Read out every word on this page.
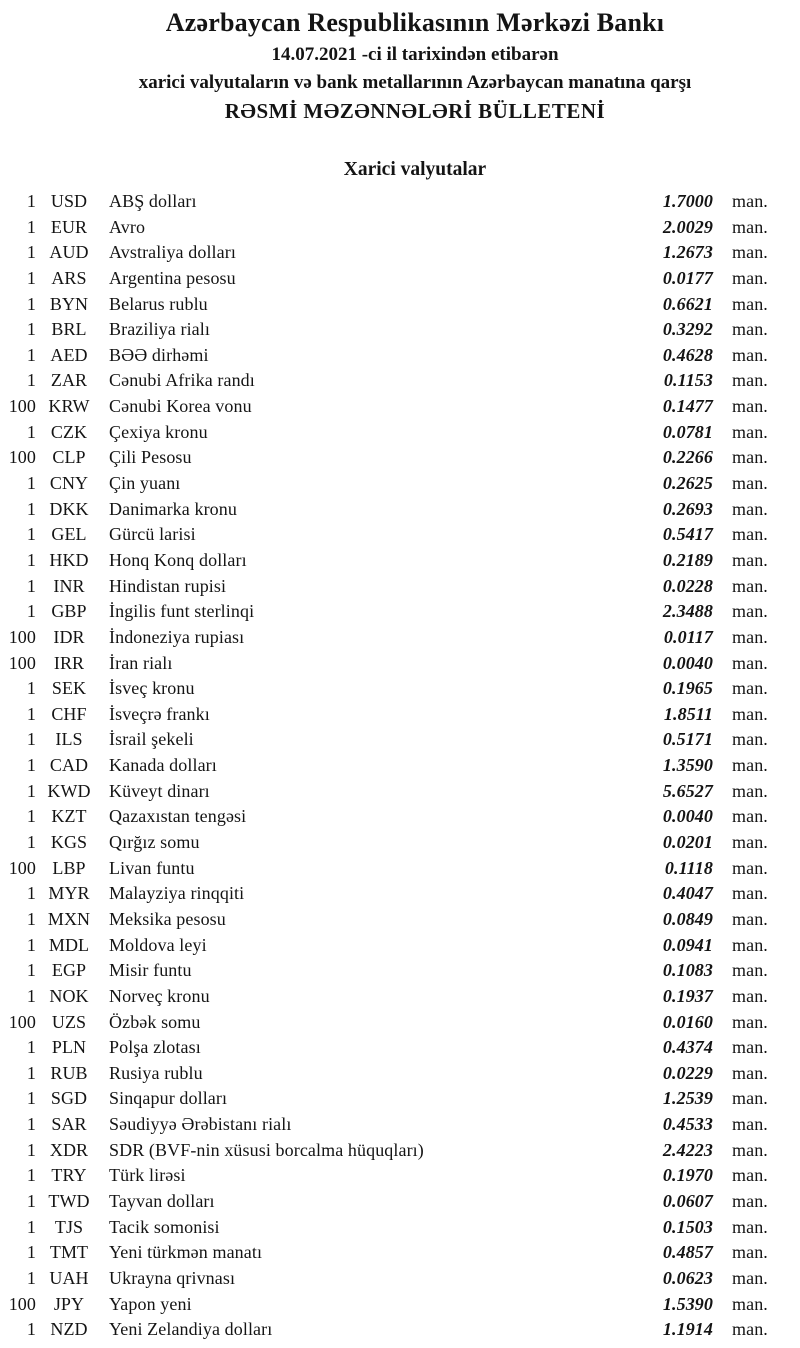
Azərbaycan Respublikasının Mərkəzi Bankı
14.07.2021 -ci il tarixindən etibarən
xarici valyutaların və bank metallarının Azərbaycan manatına qarşı
RƏSMİ MƏZƏNNƏLƏRİ BÜLLETENİ
Xarici valyutalar
1 USD	ABŞ dolları	1.7000	man.
1 EUR	Avro	2.0029	man.
1 AUD	Avstraliya dolları	1.2673	man.
1 ARS	Argentina pesosu	0.0177	man.
1 BYN	Belarus rublu	0.6621	man.
1 BRL	Braziliya rialı	0.3292	man.
1 AED	BƏƏ dirhəmi	0.4628	man.
1 ZAR	Cənubi Afrika randı	0.1153	man.
100 KRW	Cənubi Korea vonu	0.1477	man.
1 CZK	Çexiya kronu	0.0781	man.
100 CLP	Çili Pesosu	0.2266	man.
1 CNY	Çin yuanı	0.2625	man.
1 DKK	Danimarka kronu	0.2693	man.
1 GEL	Gürcü larisi	0.5417	man.
1 HKD	Honq Konq dolları	0.2189	man.
1 INR	Hindistan rupisi	0.0228	man.
1 GBP	İngilis funt sterlinqi	2.3488	man.
100 IDR	İndoneziya rupiası	0.0117	man.
100 IRR	İran rialı	0.0040	man.
1 SEK	İsveç kronu	0.1965	man.
1 CHF	İsveçrə frankı	1.8511	man.
1	ILS	İsrail şekeli	0.5171	man.
1 CAD	Kanada dolları	1.3590	man.
1 KWD	Küveyt dinarı	5.6527	man.
1 KZT	Qazaxıstan tengəsi	0.0040	man.
1 KGS	Qırğız somu	0.0201	man.
100 LBP	Livan funtu	0.1118	man.
1 MYR	Malayziya rinqqiti	0.4047	man.
1 MXN	Meksika pesosu	0.0849	man.
1 MDL	Moldova leyi	0.0941	man.
1 EGP	Misir funtu	0.1083	man.
1 NOK	Norveç kronu	0.1937	man.
100 UZS	Özbək somu	0.0160	man.
1 PLN	Polşa zlotası	0.4374	man.
1 RUB	Rusiya rublu	0.0229	man.
1 SGD	Sinqapur dolları	1.2539	man.
1 SAR	Səudiyyə Ərəbistanı rialı	0.4533	man.
1 XDR	SDR (BVF-nin xüsusi borcalma hüquqları)	2.4223	man.
1 TRY	Türk lirəsi	0.1970	man.
1 TWD	Tayvan dolları	0.0607	man.
1	TJS	Tacik somonisi	0.1503	man.
1 TMT	Yeni türkmən manatı	0.4857	man.
1 UAH	Ukrayna qrivnası	0.0623	man.
100 JPY	Yapon yeni	1.5390	man.
1 NZD	Yeni Zelandiya dolları	1.1914	man.
